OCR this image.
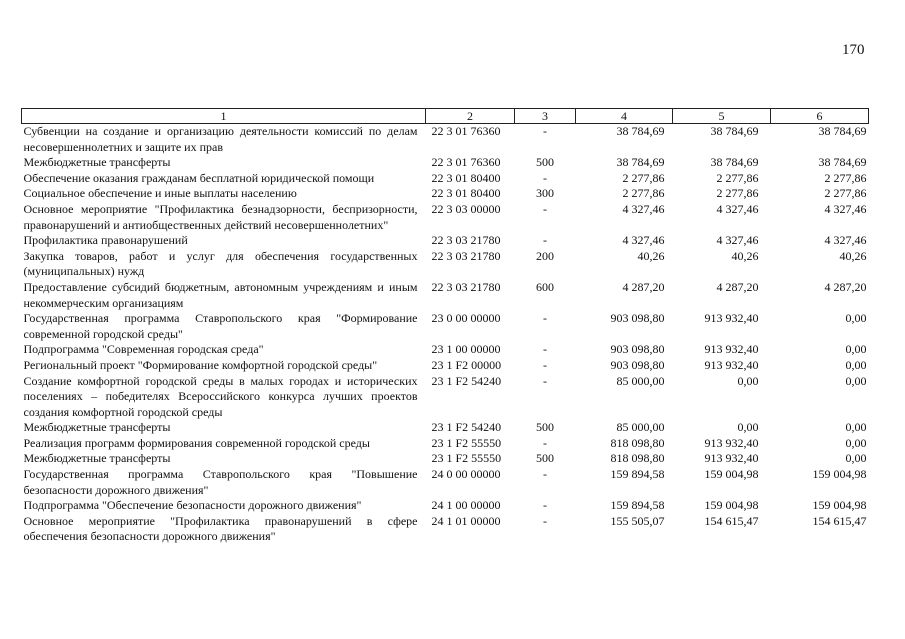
170
1	2	3	4	5	6
Субвенции на создание и организацию деятельности комиссий по делам несовершеннолетних и защите их прав	22 3 01 76360	-	38 784,69	38 784,69	38 784,69
Межбюджетные трансферты	22 3 01 76360	500	38 784,69	38 784,69	38 784,69
Обеспечение оказания гражданам бесплатной юридической помощи	22 3 01 80400	-	2 277,86	2 277,86	2 277,86
Социальное обеспечение и иные выплаты населению	22 3 01 80400	300	2 277,86	2 277,86	2 277,86
Основное мероприятие "Профилактика безнадзорности, беспризорности, правонарушений и антиобщественных действий несовершеннолетних"	22 3 03 00000	-	4 327,46	4 327,46	4 327,46
Профилактика правонарушений	22 3 03 21780	-	4 327,46	4 327,46	4 327,46
Закупка товаров, работ и услуг для обеспечения государственных (муниципальных) нужд	22 3 03 21780	200	40,26	40,26	40,26
Предоставление субсидий бюджетным, автономным учреждениям и иным некоммерческим организациям	22 3 03 21780	600	4 287,20	4 287,20	4 287,20
Государственная программа Ставропольского края "Формирование современной городской среды"	23 0 00 00000	-	903 098,80	913 932,40	0,00
Подпрограмма "Современная городская среда"	23 1 00 00000	-	903 098,80	913 932,40	0,00
Региональный проект "Формирование комфортной городской среды"	23 1 F2 00000	-	903 098,80	913 932,40	0,00
Создание комфортной городской среды в малых городах и исторических поселениях – победителях Всероссийского конкурса лучших проектов создания комфортной городской среды	23 1 F2 54240	-	85 000,00	0,00	0,00
Межбюджетные трансферты	23 1 F2 54240	500	85 000,00	0,00	0,00
Реализация программ формирования современной городской среды	23 1 F2 55550	-	818 098,80	913 932,40	0,00
Межбюджетные трансферты	23 1 F2 55550	500	818 098,80	913 932,40	0,00
Государственная программа Ставропольского края "Повышение безопасности дорожного движения"	24 0 00 00000	-	159 894,58	159 004,98	159 004,98
Подпрограмма "Обеспечение безопасности дорожного движения"	24 1 00 00000	-	159 894,58	159 004,98	159 004,98
Основное мероприятие "Профилактика правонарушений в сфере обеспечения безопасности дорожного движения"	24 1 01 00000	-	155 505,07	154 615,47	154 615,47
